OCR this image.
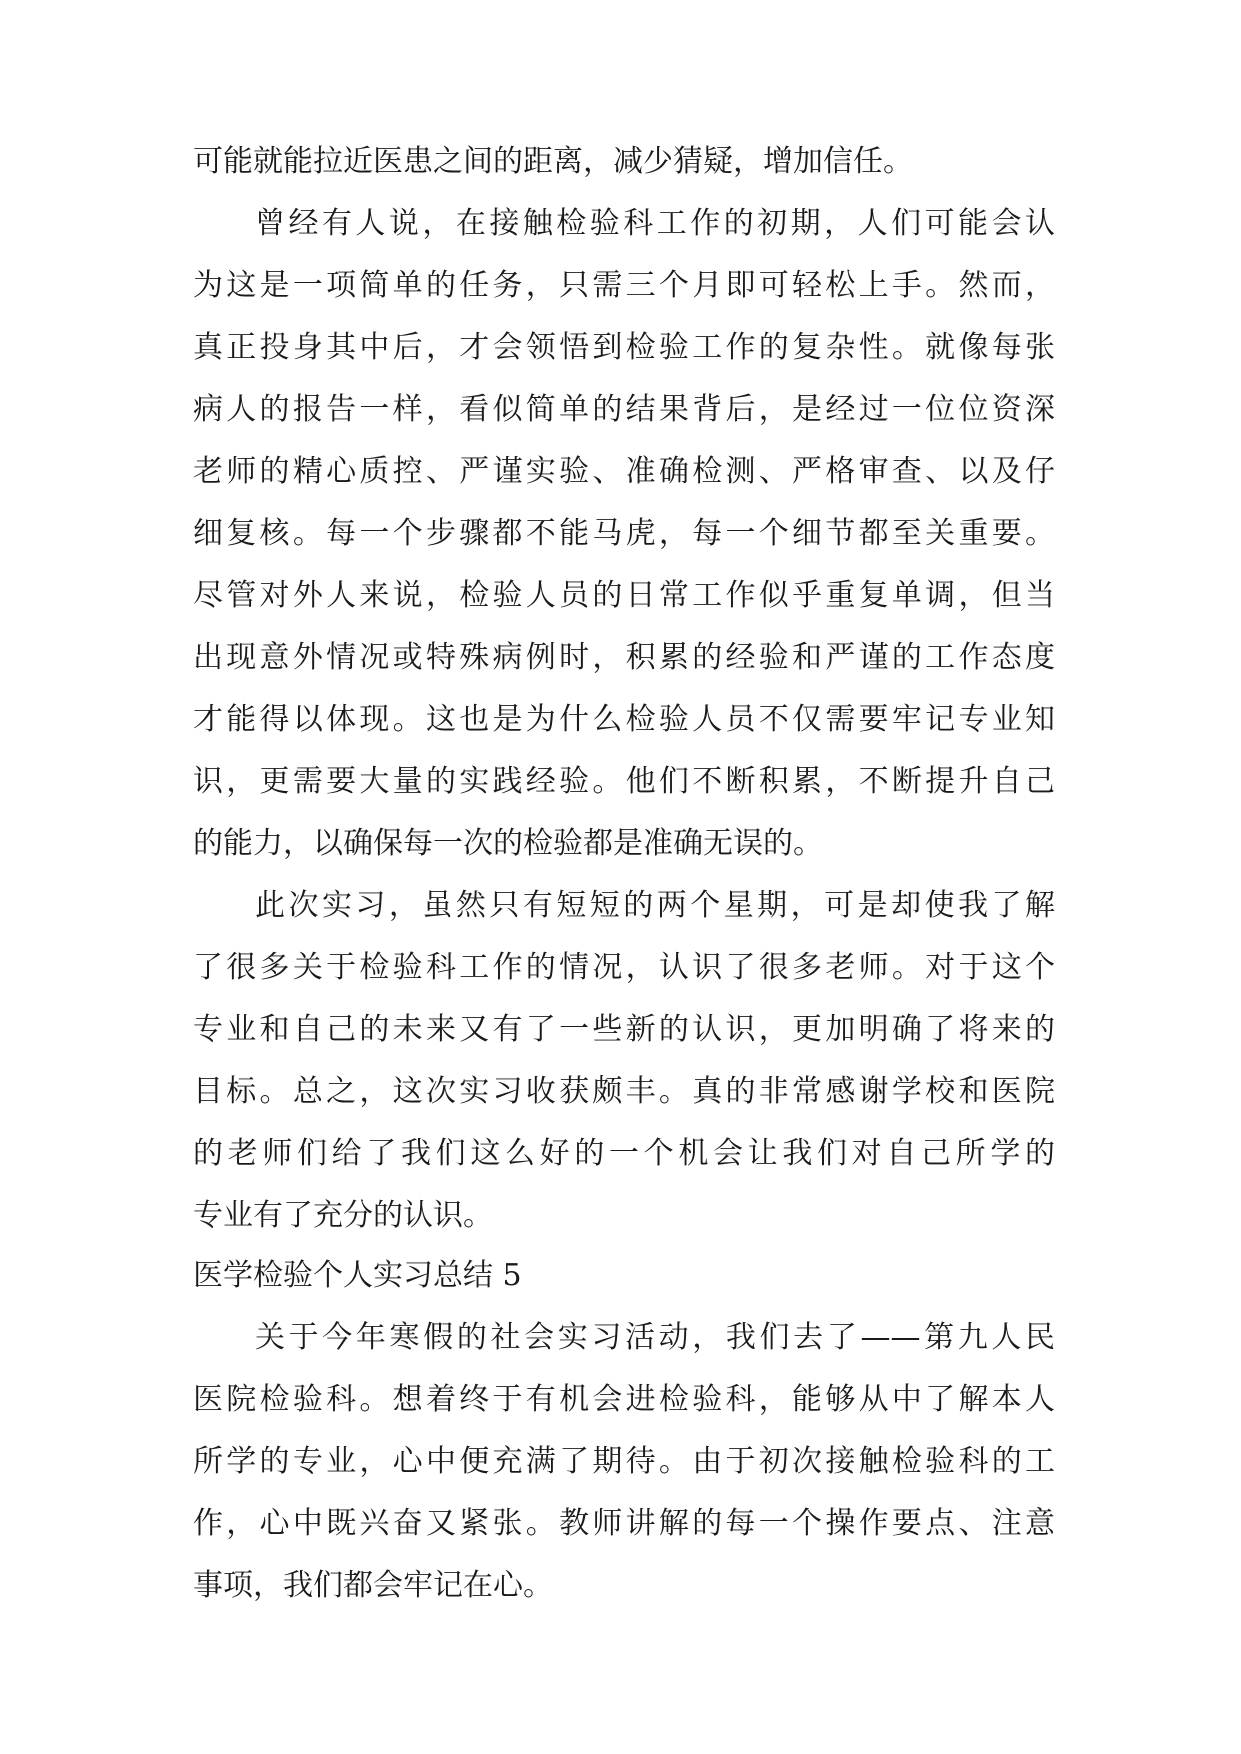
可能就能拉近医患之间的距离，减少猜疑，增加信任。
曾经有人说，在接触检验科工作的初期，人们可能会认
为这是一项简单的任务，只需三个月即可轻松上手。然而，
真正投身其中后，才会领悟到检验工作的复杂性。就像每张
病人的报告一样，看似简单的结果背后，是经过一位位资深
老师的精心质控、严谨实验、准确检测、严格审查、以及仔
细复核。每一个步骤都不能马虎，每一个细节都至关重要。
尽管对外人来说，检验人员的日常工作似乎重复单调，但当
出现意外情况或特殊病例时，积累的经验和严谨的工作态度
才能得以体现。这也是为什么检验人员不仅需要牢记专业知
识，更需要大量的实践经验。他们不断积累，不断提升自己
的能力，以确保每一次的检验都是准确无误的。
此次实习，虽然只有短短的两个星期，可是却使我了解
了很多关于检验科工作的情况，认识了很多老师。对于这个
专业和自己的未来又有了一些新的认识，更加明确了将来的
目标。总之，这次实习收获颇丰。真的非常感谢学校和医院
的老师们给了我们这么好的一个机会让我们对自己所学的
专业有了充分的认识。
医学检验个人实习总结 5
关于今年寒假的社会实习活动，我们去了——第九人民
医院检验科。想着终于有机会进检验科，能够从中了解本人
所学的专业，心中便充满了期待。由于初次接触检验科的工
作，心中既兴奋又紧张。教师讲解的每一个操作要点、注意
事项，我们都会牢记在心。
